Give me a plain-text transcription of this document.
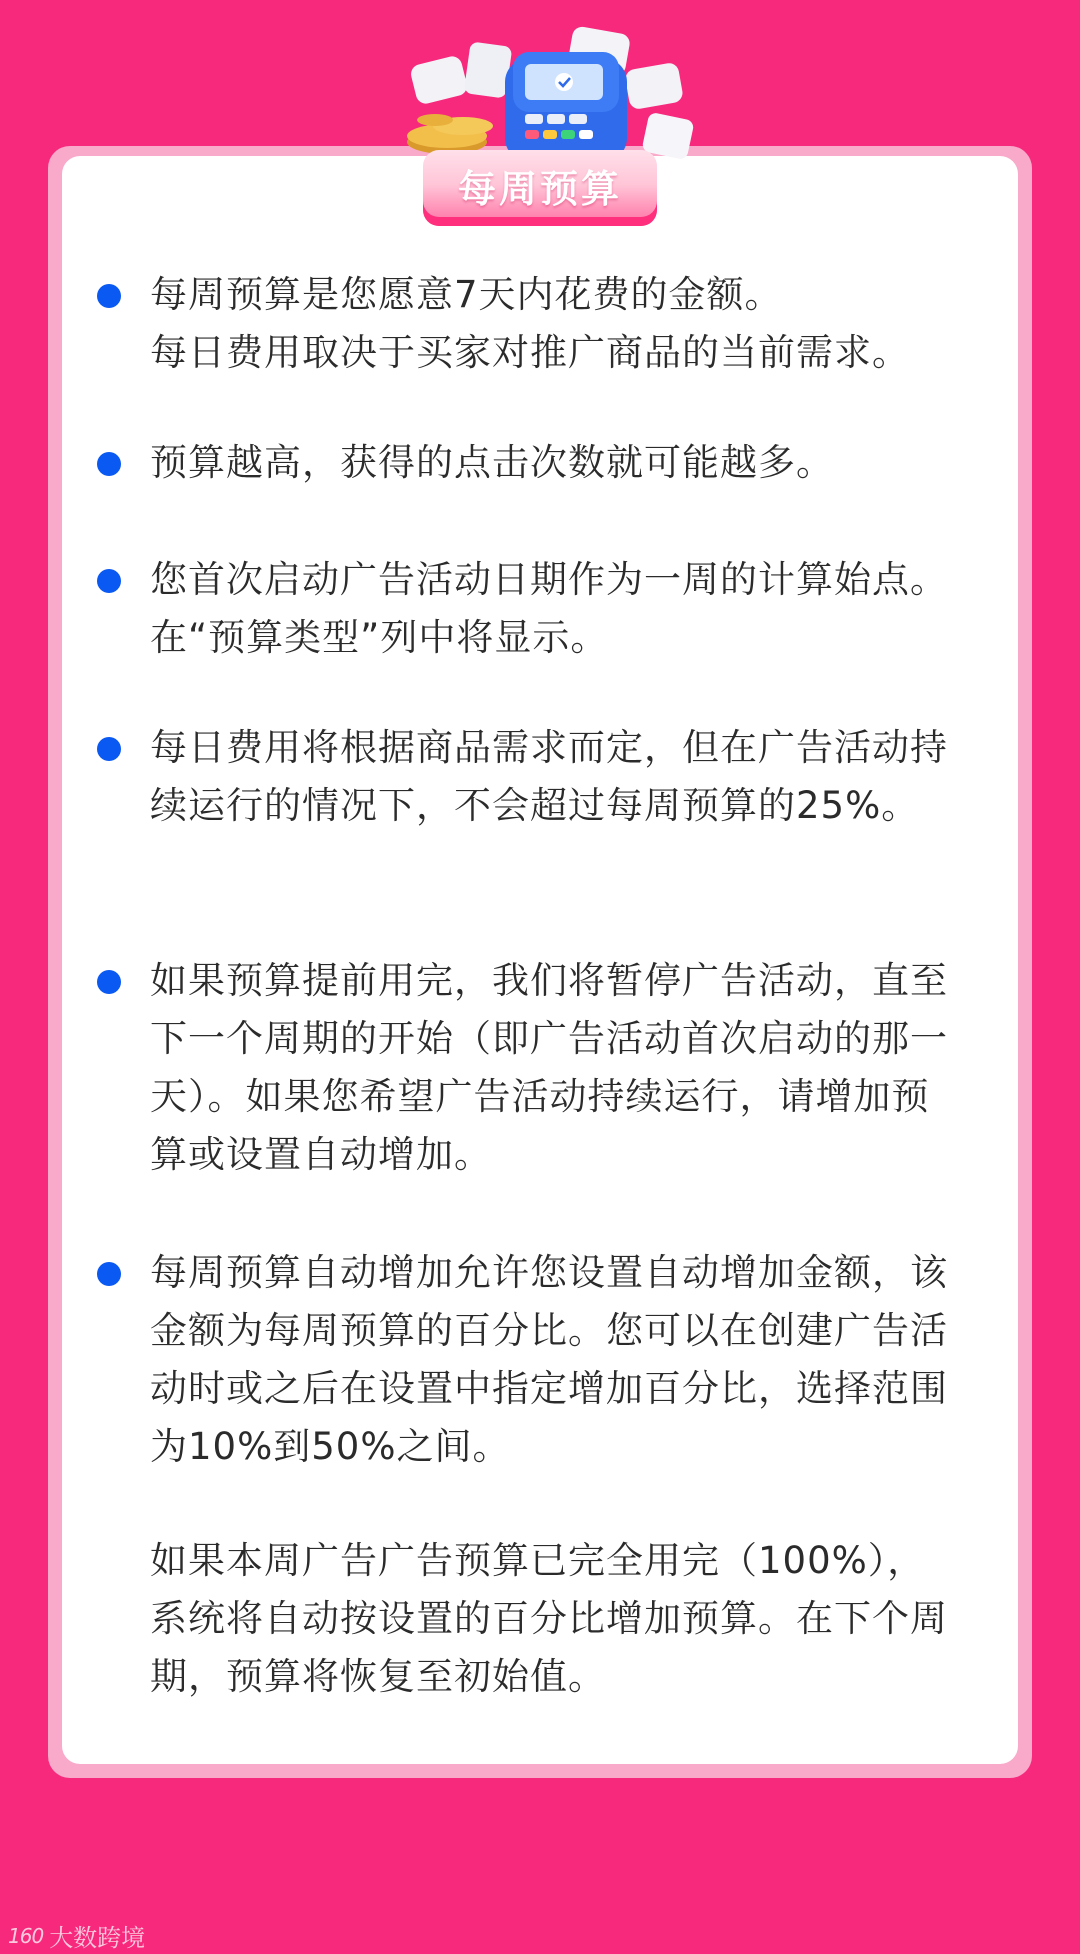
每周预算

每周预算是您愿意7天内花费的金额。
每日费用取决于买家对推广商品的当前需求。

预算越高，获得的点击次数就可能越多。

您首次启动广告活动日期作为一周的计算始点。在“预算类型”列中将显示。

每日费用将根据商品需求而定，但在广告活动持续运行的情况下，不会超过每周预算的25%。

如果预算提前用完，我们将暂停广告活动，直至下一个周期的开始（即广告活动首次启动的那一天）。如果您希望广告活动持续运行，请增加预算或设置自动增加。

每周预算自动增加允许您设置自动增加金额，该金额为每周预算的百分比。您可以在创建广告活动时或之后在设置中指定增加百分比，选择范围为10%到50%之间。

如果本周广告广告预算已完全用完（100%），系统将自动按设置的百分比增加预算。在下个周期，预算将恢复至初始值。

160 大数跨境
